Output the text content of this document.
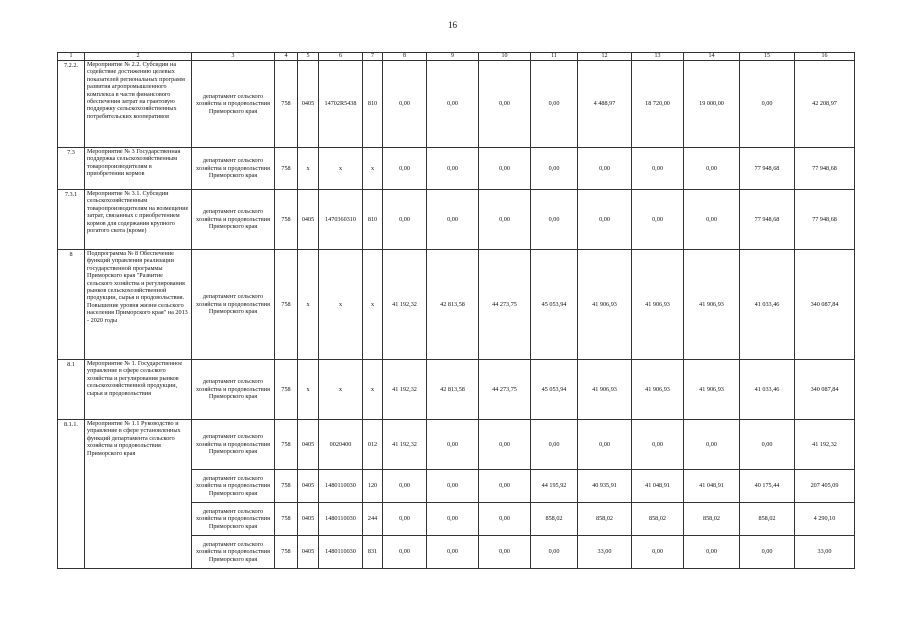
16
1	2	3	4	5	6	7	8	9	10	11	12	13	14	15	16
7.2.2.	Мероприятие № 2.2. Субсидии на содействие достижению целевых показателей региональных программ развития агропромышленного комплекса в части финансового обеспечения затрат на грантовую поддержку сельскохозяйственных потребительских кооперативов	департамент сельского хозяйства и продовольствия Приморского края	758	0405	14702R5438	810	0,00	0,00	0,00	0,00	4 488,97	18 720,00	19 000,00	0,00	42 208,97
7.3	Мероприятие № 3 Государственная поддержка сельскохозяйственным товаропроизводителям в приобретении кормов	департамент сельского хозяйства и продовольствия Приморского края	758	x	x	x	0,00	0,00	0,00	0,00	0,00	0,00	0,00	77 948,68	77 948,68
7.3.1	Мероприятие № 3.1. Субсидии сельскохозяйственным товаропроизводителям на возмещение затрат, связанных с приобретением кормов для содержания крупного рогатого скота (кроме)	департамент сельского хозяйства и продовольствия Приморского края	758	0405	1470360310	810	0,00	0,00	0,00	0,00	0,00	0,00	0,00	77 948,68	77 948,68
8	Подпрограмма № 8 Обеспечение функций управления реализации государственной программы Приморского края "Развитие сельского хозяйства и регулирования рынков сельскохозяйственной продукции, сырья и продовольствия. Повышение уровня жизни сельского населения Приморского края" на 2013 - 2020 годы	департамент сельского хозяйства и продовольствия Приморского края	758	x	x	x	41 192,32	42 813,58	44 273,75	45 053,94	41 906,93	41 906,93	41 906,93	41 033,46	340 087,84
8.1	Мероприятие № 1. Государственное управление в сфере сельского хозяйства и регулирования рынков сельскохозяйственной продукции, сырья и продовольствия	департамент сельского хозяйства и продовольствия Приморского края	758	x	x	x	41 192,32	42 813,58	44 273,75	45 053,94	41 906,93	41 906,93	41 906,93	41 033,46	340 087,84
8.1.1.	Мероприятие № 1.1 Руководство и управление в сфере установленных функций департамента сельского хозяйства и продовольствия Приморского края	департамент сельского хозяйства и продовольствия Приморского края	758	0405	0020400	012	41 192,32	0,00	0,00	0,00	0,00	0,00	0,00	0,00	41 192,32
		департамент сельского хозяйства и продовольствия Приморского края	758	0405	1480110030	120	0,00	0,00	0,00	44 195,92	40 935,91	41 048,91	41 048,91	40 175,44	207 405,09
		департамент сельского хозяйства и продовольствия Приморского края	758	0405	1480110030	244	0,00	0,00	0,00	858,02	858,02	858,02	858,02	858,02	4 290,10
		департамент сельского хозяйства и продовольствия Приморского края	758	0405	1480110030	831	0,00	0,00	0,00	0,00	33,00	0,00	0,00	0,00	33,00
